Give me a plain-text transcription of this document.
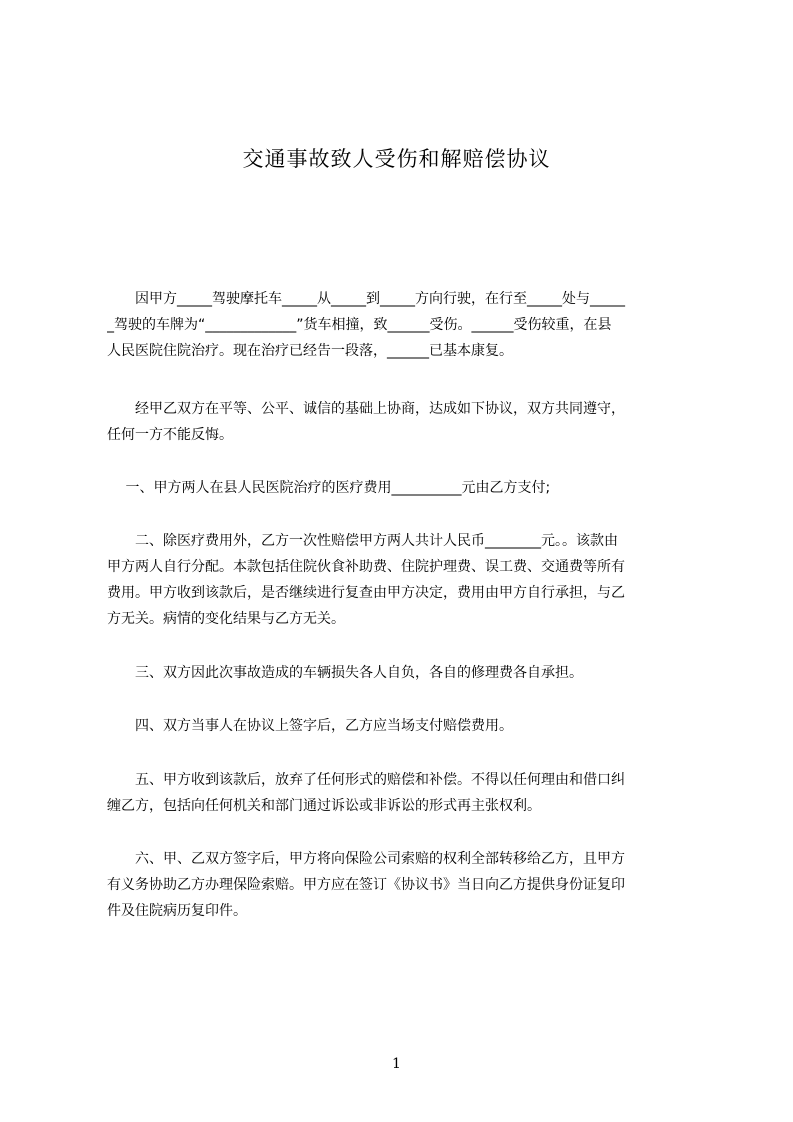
交通事故致人受伤和解赔偿协议
　　因甲方_____驾驶摩托车_____从_____到_____方向行驶，在行至_____处与_____
_驾驶的车牌为“_____________”货车相撞，致______受伤。______受伤较重，在县
人民医院住院治疗。现在治疗已经告一段落，______已基本康复。
　　经甲乙双方在平等、公平、诚信的基础上协商，达成如下协议，双方共同遵守，
任何一方不能反悔。
　 一、甲方两人在县人民医院治疗的医疗费用__________元由乙方支付;
　　二、除医疗费用外，乙方一次性赔偿甲方两人共计人民币________元。。该款由
甲方两人自行分配。本款包括住院伙食补助费、住院护理费、误工费、交通费等所有
费用。甲方收到该款后，是否继续进行复查由甲方决定，费用由甲方自行承担，与乙
方无关。病情的变化结果与乙方无关。
　　三、双方因此次事故造成的车辆损失各人自负，各自的修理费各自承担。
　　四、双方当事人在协议上签字后，乙方应当场支付赔偿费用。
　　五、甲方收到该款后，放弃了任何形式的赔偿和补偿。不得以任何理由和借口纠
缠乙方，包括向任何机关和部门通过诉讼或非诉讼的形式再主张权利。
　　六、甲、乙双方签字后，甲方将向保险公司索赔的权利全部转移给乙方，且甲方
有义务协助乙方办理保险索赔。甲方应在签订《协议书》当日向乙方提供身份证复印
件及住院病历复印件。
1
